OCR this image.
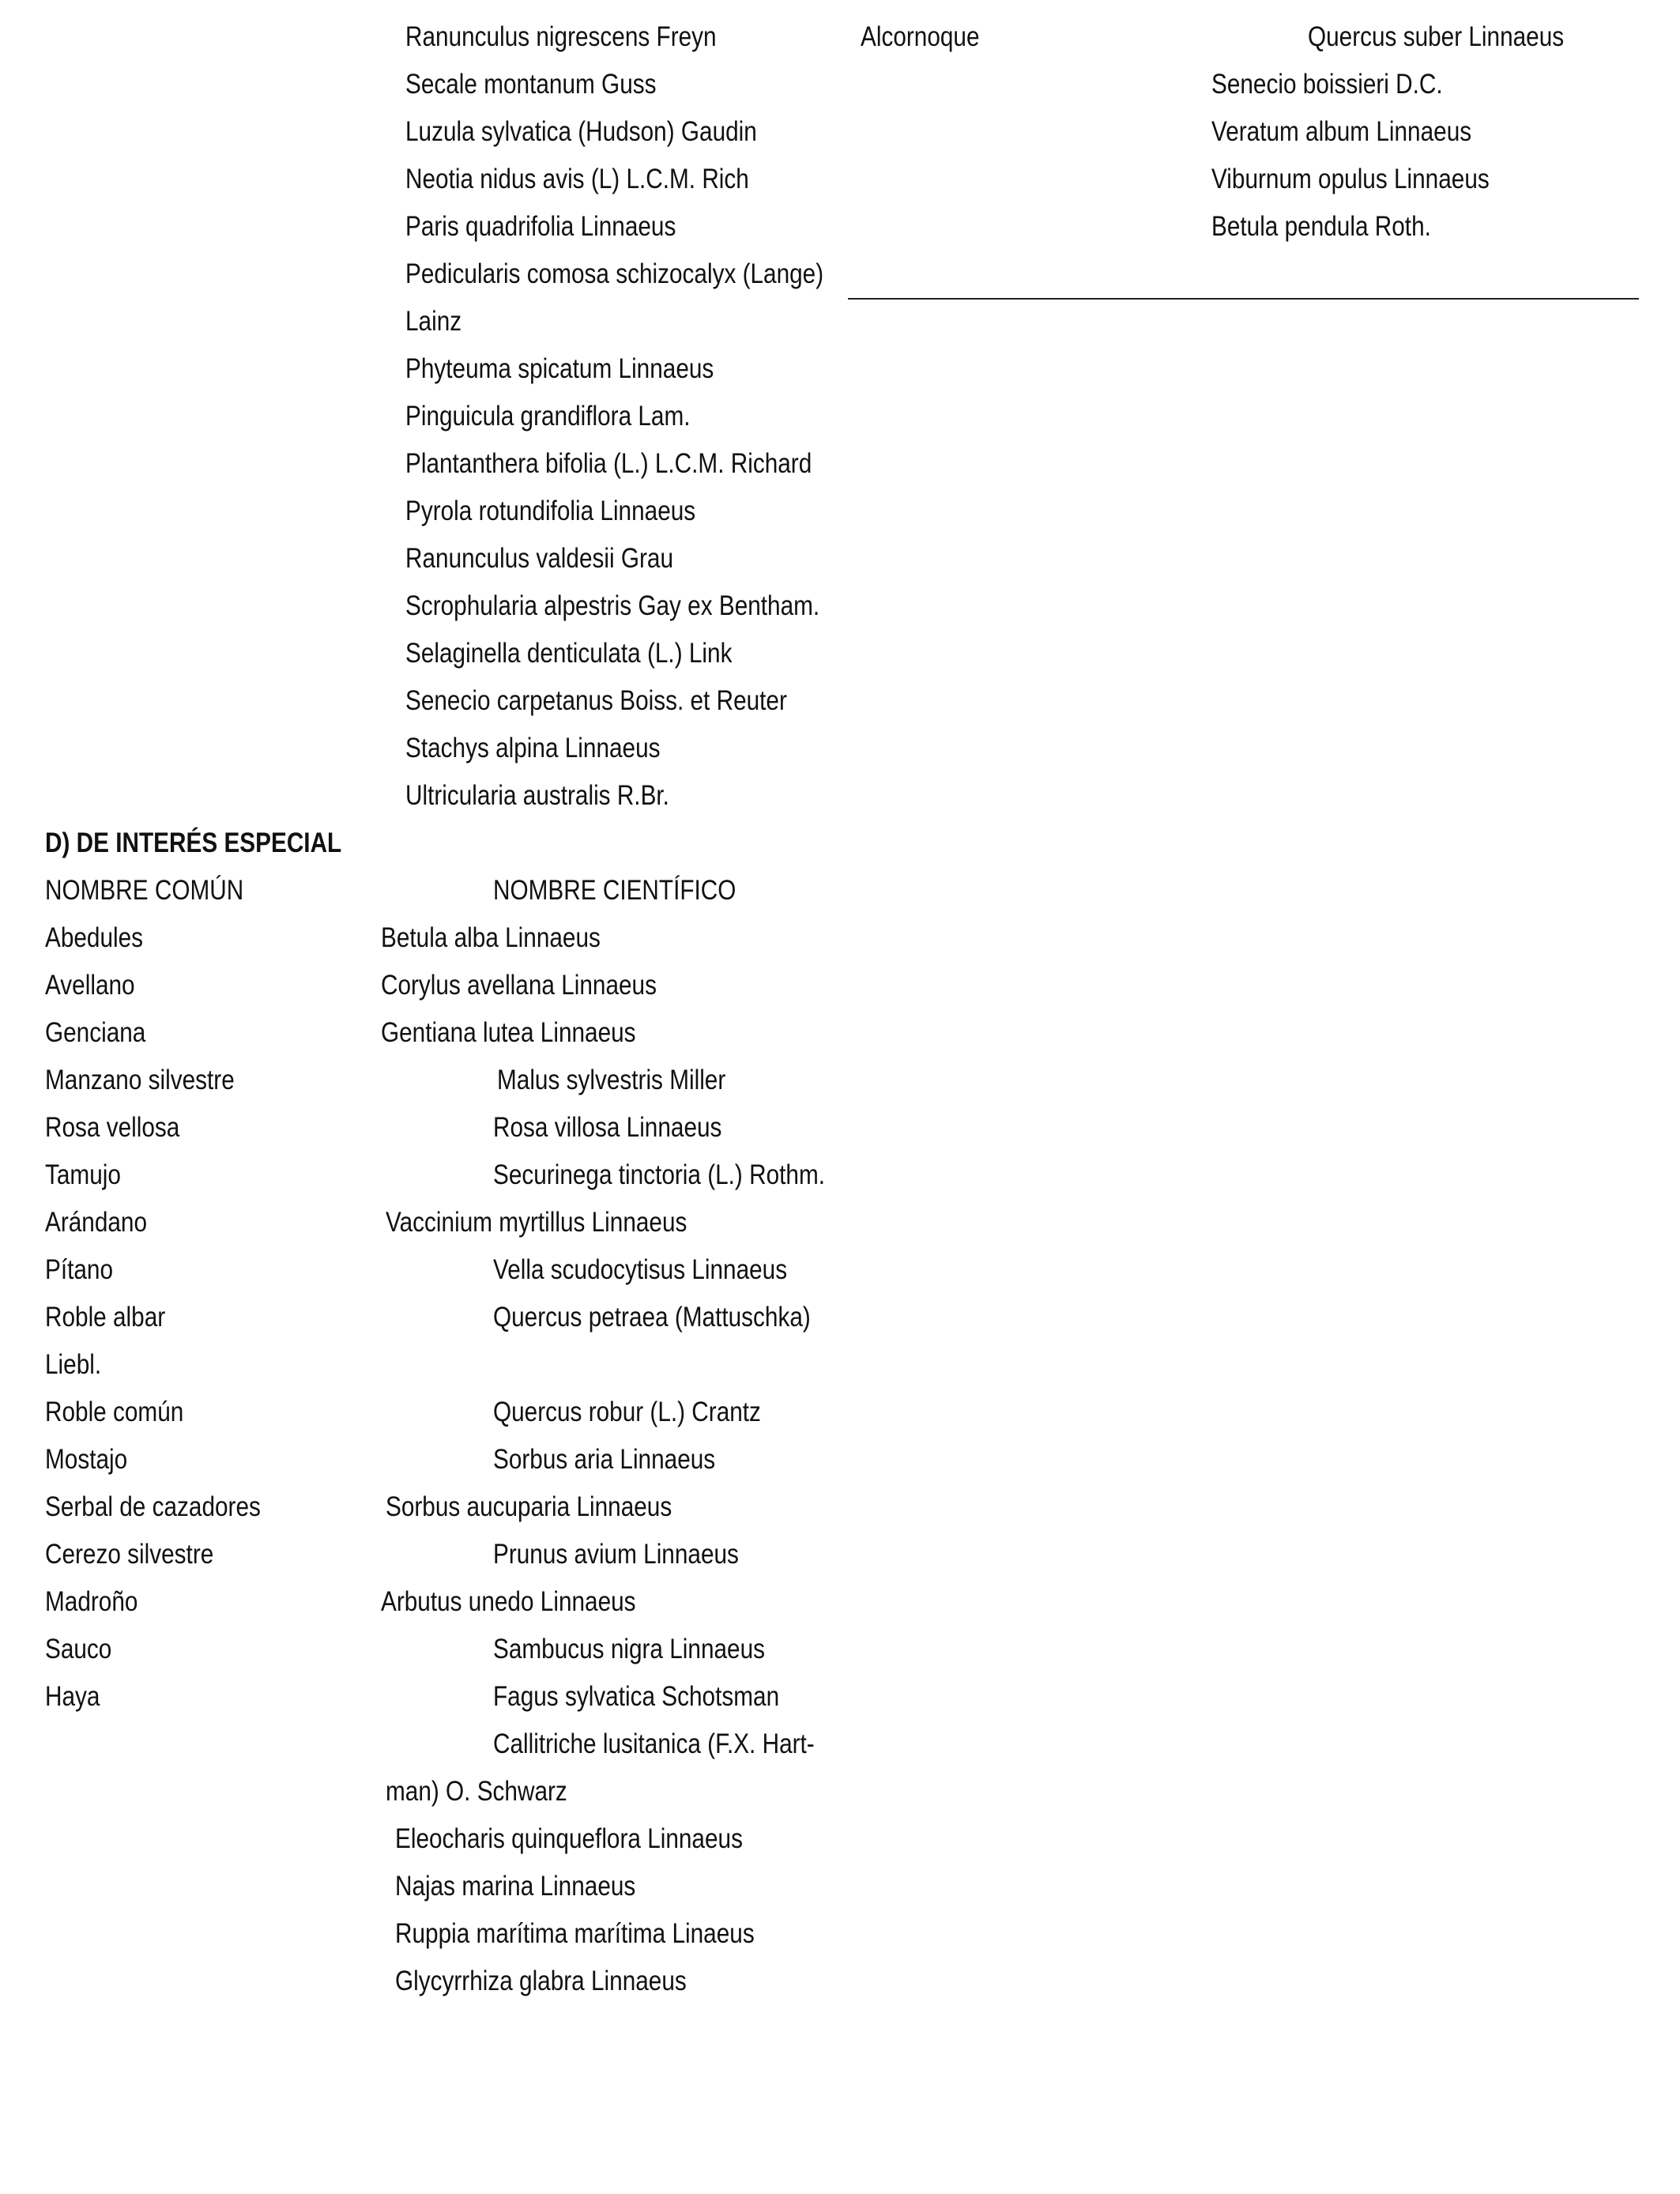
Ranunculus nigrescens Freyn
Secale montanum Guss
Luzula sylvatica (Hudson) Gaudin
Neotia nidus avis (L) L.C.M. Rich
Paris quadrifolia Linnaeus
Pedicularis comosa schizocalyx (Lange)
Lainz
Phyteuma spicatum Linnaeus
Pinguicula grandiflora Lam.
Plantanthera bifolia (L.) L.C.M. Richard
Pyrola rotundifolia Linnaeus
Ranunculus valdesii Grau
Scrophularia alpestris Gay ex Bentham.
Selaginella denticulata (L.) Link
Senecio carpetanus Boiss. et Reuter
Stachys alpina Linnaeus
Ultricularia australis R.Br.
Alcornoque	Quercus suber Linnaeus
Senecio boissieri D.C.
Veratum album Linnaeus
Viburnum opulus Linnaeus
Betula pendula Roth.
D) DE INTERÉS ESPECIAL
NOMBRE COMÚN	NOMBRE CIENTÍFICO
Abedules
Avellano
Genciana
Manzano silvestre
Rosa vellosa
Tamujo
Arándano
Pítano
Roble albar
Liebl.
Roble común
Mostajo
Serbal de cazadores
Cerezo silvestre
Madroño
Sauco
Haya
Betula alba Linnaeus
Corylus avellana Linnaeus
Gentiana lutea Linnaeus
Malus sylvestris Miller
Rosa villosa Linnaeus
Securinega tinctoria (L.) Rothm.
Vaccinium myrtillus Linnaeus
Vella scudocytisus Linnaeus
Quercus petraea (Mattuschka)
Quercus robur (L.) Crantz
Sorbus aria Linnaeus
Sorbus aucuparia Linnaeus
Prunus avium Linnaeus
Arbutus unedo Linnaeus
Sambucus nigra Linnaeus
Fagus sylvatica Schotsman
Callitriche lusitanica (F.X. Hart-
man) O. Schwarz
Eleocharis quinqueflora Linnaeus
Najas marina Linnaeus
Ruppia marítima marítima Linaeus
Glycyrrhiza glabra Linnaeus
